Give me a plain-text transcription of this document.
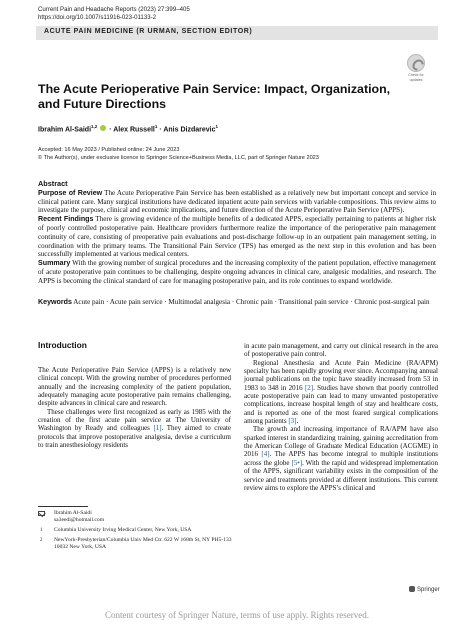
Current Pain and Headache Reports (2023) 27:399–405
https://doi.org/10.1007/s11916-023-01133-2
ACUTE PAIN MEDICINE (R URMAN, SECTION EDITOR)
Check for
updates
The Acute Perioperative Pain Service: Impact, Organization, and Future Directions
Ibrahim Al-Saidi$^{1,2}$  · Alex Russell$^1$ · Anis Dizdarevic$^1$
Accepted: 16 May 2023 / Published online: 24 June 2023
© The Author(s), under exclusive licence to Springer Science+Business Media, LLC, part of Springer Nature 2023
Abstract

Purpose of Review The Acute Perioperative Pain Service has been established as a relatively new but important concept and service in clinical patient care. Many surgical institutions have dedicated inpatient acute pain services with variable compositions. This review aims to investigate the purpose, clinical and economic implications, and future direction of the Acute Perioperative Pain Service (APPS).

Recent Findings There is growing evidence of the multiple benefits of a dedicated APPS, especially pertaining to patients at higher risk of poorly controlled postoperative pain. Healthcare providers furthermore realize the importance of the perioperative pain management continuity of care, consisting of preoperative pain evaluations and post-discharge follow-up in an outpatient pain management setting, in coordination with the primary teams. The Transitional Pain Service (TPS) has emerged as the next step in this evolution and has been successfully implemented at various medical centers.

Summary With the growing number of surgical procedures and the increasing complexity of the patient population, effective management of acute postoperative pain continues to be challenging, despite ongoing advances in clinical care, analgesic modalities, and research. The APPS is becoming the clinical standard of care for managing postoperative pain, and its role continues to expand worldwide.

Keywords Acute pain · Acute pain service · Multimodal analgesia · Chronic pain · Transitional pain service · Chronic post-surgical pain
Introduction

The Acute Perioperative Pain Service (APPS) is a relatively new clinical concept. With the growing number of procedures performed annually and the increasing complexity of the patient population, adequately managing acute postoperative pain remains challenging, despite advances in clinical care and research.

These challenges were first recognized as early as 1985 with the creation of the first acute pain service at The University of Washington by Ready and colleagues [1]. They aimed to create protocols that improve postoperative analgesia, devise a curriculum to train anesthesiology residents

in acute pain management, and carry out clinical research in the area of postoperative pain control.

Regional Anesthesia and Acute Pain Medicine (RA/APM) specialty has been rapidly growing ever since. Accompanying annual journal publications on the topic have steadily increased from 53 in 1983 to 348 in 2016 [2]. Studies have shown that poorly controlled acute postoperative pain can lead to many unwanted postoperative complications, increase hospital length of stay and healthcare costs, and is reported as one of the most feared surgical complications among patients [3].

The growth and increasing importance of RA/APM have also sparked interest in standardizing training, gaining accreditation from the American College of Graduate Medical Education (ACGME) in 2016 [4]. The APPS has become integral to multiple institutions across the globe [5•]. With the rapid and widespread implementation of the APPS, significant variability exists in the composition of the service and treatments provided at different institutions. This current review aims to explore the APPS’s clinical and

Ibrahim Al-Saidi
sa3eedi@hotmail.com
1 Columbia University Irving Medical Center, New York, USA
2 NewYork-Presbyterian/Columbia Univ Med Ctr. 622 W 168th St, NY PH5-133 10032 New York, USA
Springer
Content courtesy of Springer Nature, terms of use apply. Rights reserved.
